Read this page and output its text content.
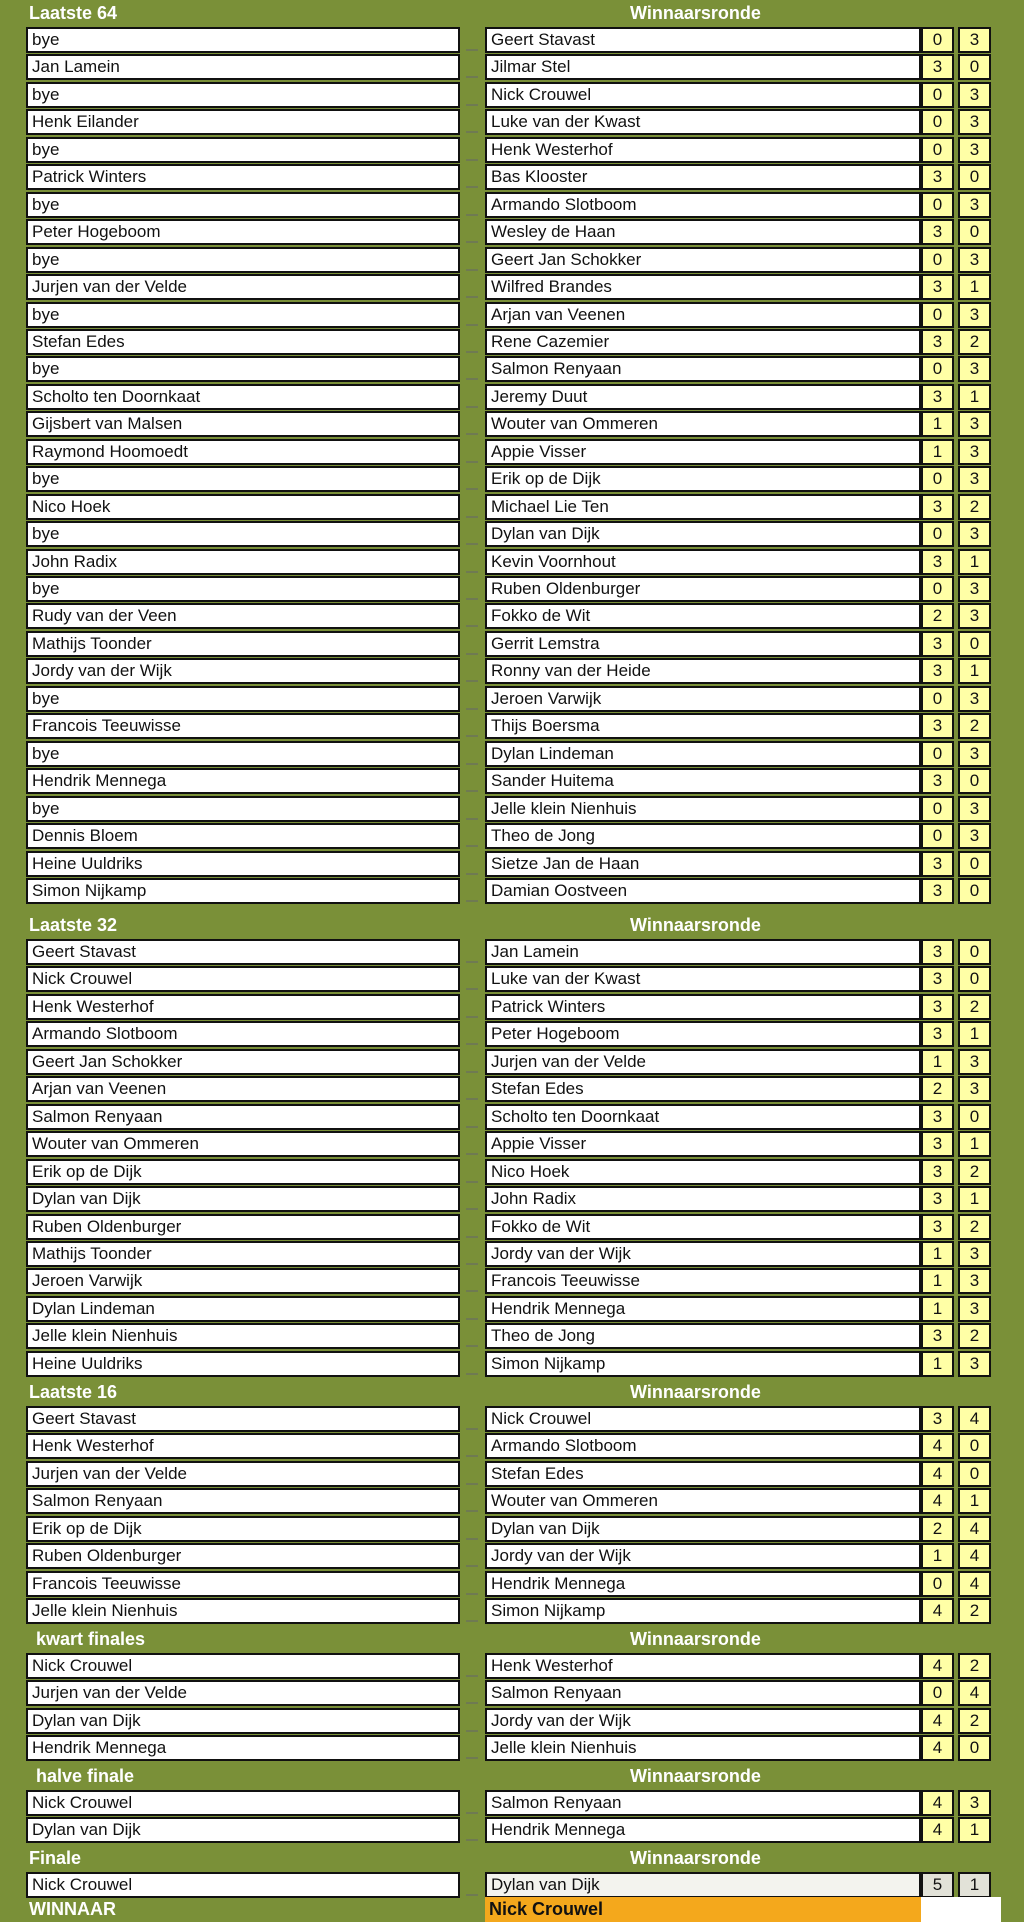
Laatste 64	Winnaarsronde
bye	Geert Stavast	0	3
Jan Lamein	Jilmar Stel	3	0
bye	Nick Crouwel	0	3
Henk Eilander	Luke van der Kwast	0	3
bye	Henk Westerhof	0	3
Patrick Winters	Bas Klooster	3	0
bye	Armando Slotboom	0	3
Peter Hogeboom	Wesley de Haan	3	0
bye	Geert Jan Schokker	0	3
Jurjen van der Velde	Wilfred Brandes	3	1
bye	Arjan van Veenen	0	3
Stefan Edes	Rene Cazemier	3	2
bye	Salmon Renyaan	0	3
Scholto ten Doornkaat	Jeremy Duut	3	1
Gijsbert van Malsen	Wouter van Ommeren	1	3
Raymond Hoomoedt	Appie Visser	1	3
bye	Erik op de Dijk	0	3
Nico Hoek	Michael Lie Ten	3	2
bye	Dylan van Dijk	0	3
John Radix	Kevin Voornhout	3	1
bye	Ruben Oldenburger	0	3
Rudy van der Veen	Fokko de Wit	2	3
Mathijs Toonder	Gerrit Lemstra	3	0
Jordy van der Wijk	Ronny van der Heide	3	1
bye	Jeroen Varwijk	0	3
Francois Teeuwisse	Thijs Boersma	3	2
bye	Dylan Lindeman	0	3
Hendrik Mennega	Sander Huitema	3	0
bye	Jelle klein Nienhuis	0	3
Dennis Bloem	Theo de Jong	0	3
Heine Uuldriks	Sietze Jan de Haan	3	0
Simon Nijkamp	Damian Oostveen	3	0
Laatste 32	Winnaarsronde
Geert Stavast	Jan Lamein	3	0
Nick Crouwel	Luke van der Kwast	3	0
Henk Westerhof	Patrick Winters	3	2
Armando Slotboom	Peter Hogeboom	3	1
Geert Jan Schokker	Jurjen van der Velde	1	3
Arjan van Veenen	Stefan Edes	2	3
Salmon Renyaan	Scholto ten Doornkaat	3	0
Wouter van Ommeren	Appie Visser	3	1
Erik op de Dijk	Nico Hoek	3	2
Dylan van Dijk	John Radix	3	1
Ruben Oldenburger	Fokko de Wit	3	2
Mathijs Toonder	Jordy van der Wijk	1	3
Jeroen Varwijk	Francois Teeuwisse	1	3
Dylan Lindeman	Hendrik Mennega	1	3
Jelle klein Nienhuis	Theo de Jong	3	2
Heine Uuldriks	Simon Nijkamp	1	3
Laatste 16	Winnaarsronde
Geert Stavast	Nick Crouwel	3	4
Henk Westerhof	Armando Slotboom	4	0
Jurjen van der Velde	Stefan Edes	4	0
Salmon Renyaan	Wouter van Ommeren	4	1
Erik op de Dijk	Dylan van Dijk	2	4
Ruben Oldenburger	Jordy van der Wijk	1	4
Francois Teeuwisse	Hendrik Mennega	0	4
Jelle klein Nienhuis	Simon Nijkamp	4	2
kwart finales	Winnaarsronde
Nick Crouwel	Henk Westerhof	4	2
Jurjen van der Velde	Salmon Renyaan	0	4
Dylan van Dijk	Jordy van der Wijk	4	2
Hendrik Mennega	Jelle klein Nienhuis	4	0
halve finale	Winnaarsronde
Nick Crouwel	Salmon Renyaan	4	3
Dylan van Dijk	Hendrik Mennega	4	1
Finale	Winnaarsronde
Nick Crouwel	Dylan van Dijk	5	1
WINNAAR	Nick Crouwel
